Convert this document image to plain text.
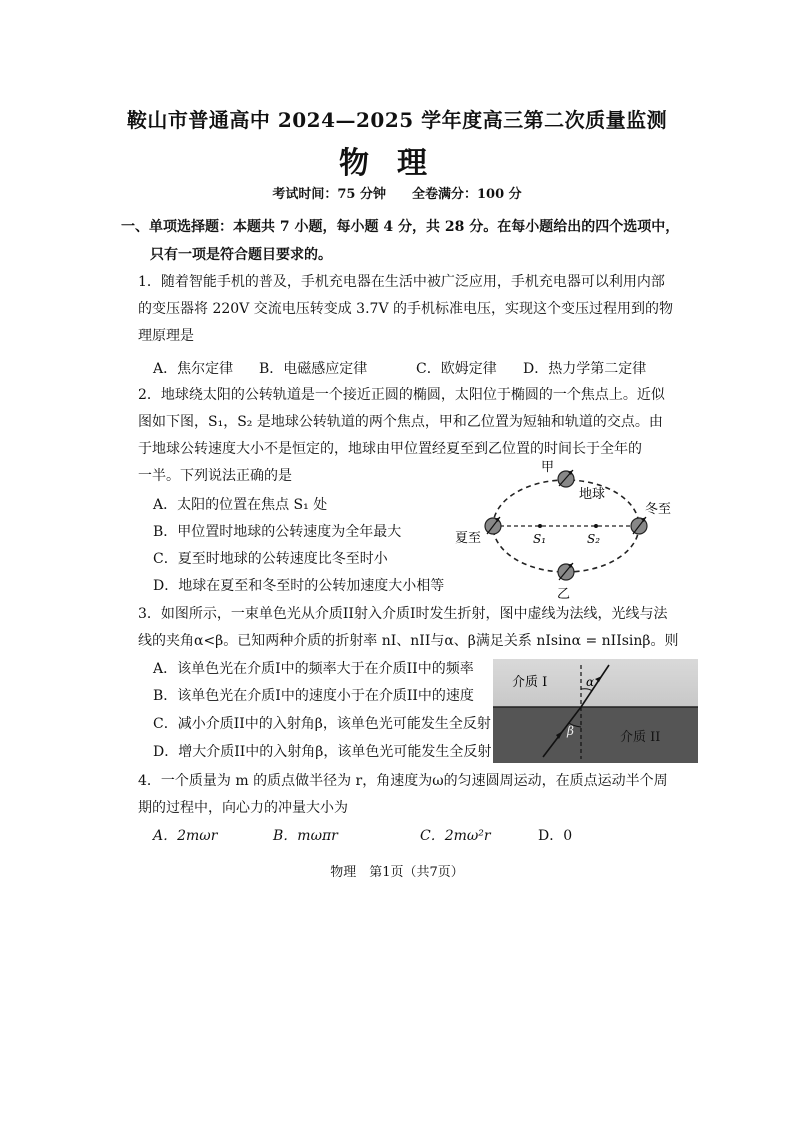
鞍山市普通高中 2024—2025 学年度高三第二次质量监测
物理
考试时间：75 分钟　　全卷满分：100 分
一、单项选择题：本题共 7 小题，每小题 4 分，共 28 分。在每小题给出的四个选项中，
只有一项是符合题目要求的。
1．随着智能手机的普及，手机充电器在生活中被广泛应用，手机充电器可以利用内部
的变压器将 220V 交流电压转变成 3.7V 的手机标准电压，实现这个变压过程用到的物
理原理是
A．焦尔定律 B．电磁感应定律	C．欧姆定律 D．热力学第二定律
2．地球绕太阳的公转轨道是一个接近正圆的椭圆，太阳位于椭圆的一个焦点上。近似
图如下图，S₁，S₂ 是地球公转轨道的两个焦点，甲和乙位置为短轴和轨道的交点。由
于地球公转速度大小不是恒定的，地球由甲位置经夏至到乙位置的时间长于全年的
一半。下列说法正确的是
A．太阳的位置在焦点 S₁ 处
B．甲位置时地球的公转速度为全年最大
C．夏至时地球的公转速度比冬至时小
D．地球在夏至和冬至时的公转加速度大小相等
甲
地球
夏至
冬至
S₁	S₂
乙
3．如图所示，一束单色光从介质II射入介质I时发生折射，图中虚线为法线，光线与法
线的夹角α<β。已知两种介质的折射率 nI、nII与α、β满足关系 nIsinα = nIIsinβ。则
A．该单色光在介质I中的频率大于在介质II中的频率
B．该单色光在介质I中的速度小于在介质II中的速度
C．减小介质II中的入射角β，该单色光可能发生全反射
D．增大介质II中的入射角β，该单色光可能发生全反射
介质 I
介质 II
α
β
4．一个质量为 m 的质点做半径为 r，角速度为ω的匀速圆周运动，在质点运动半个周
期的过程中，向心力的冲量大小为
A．2mωr	B．mωπr	C．2mω²r	D．0
物理　第1页（共7页）
